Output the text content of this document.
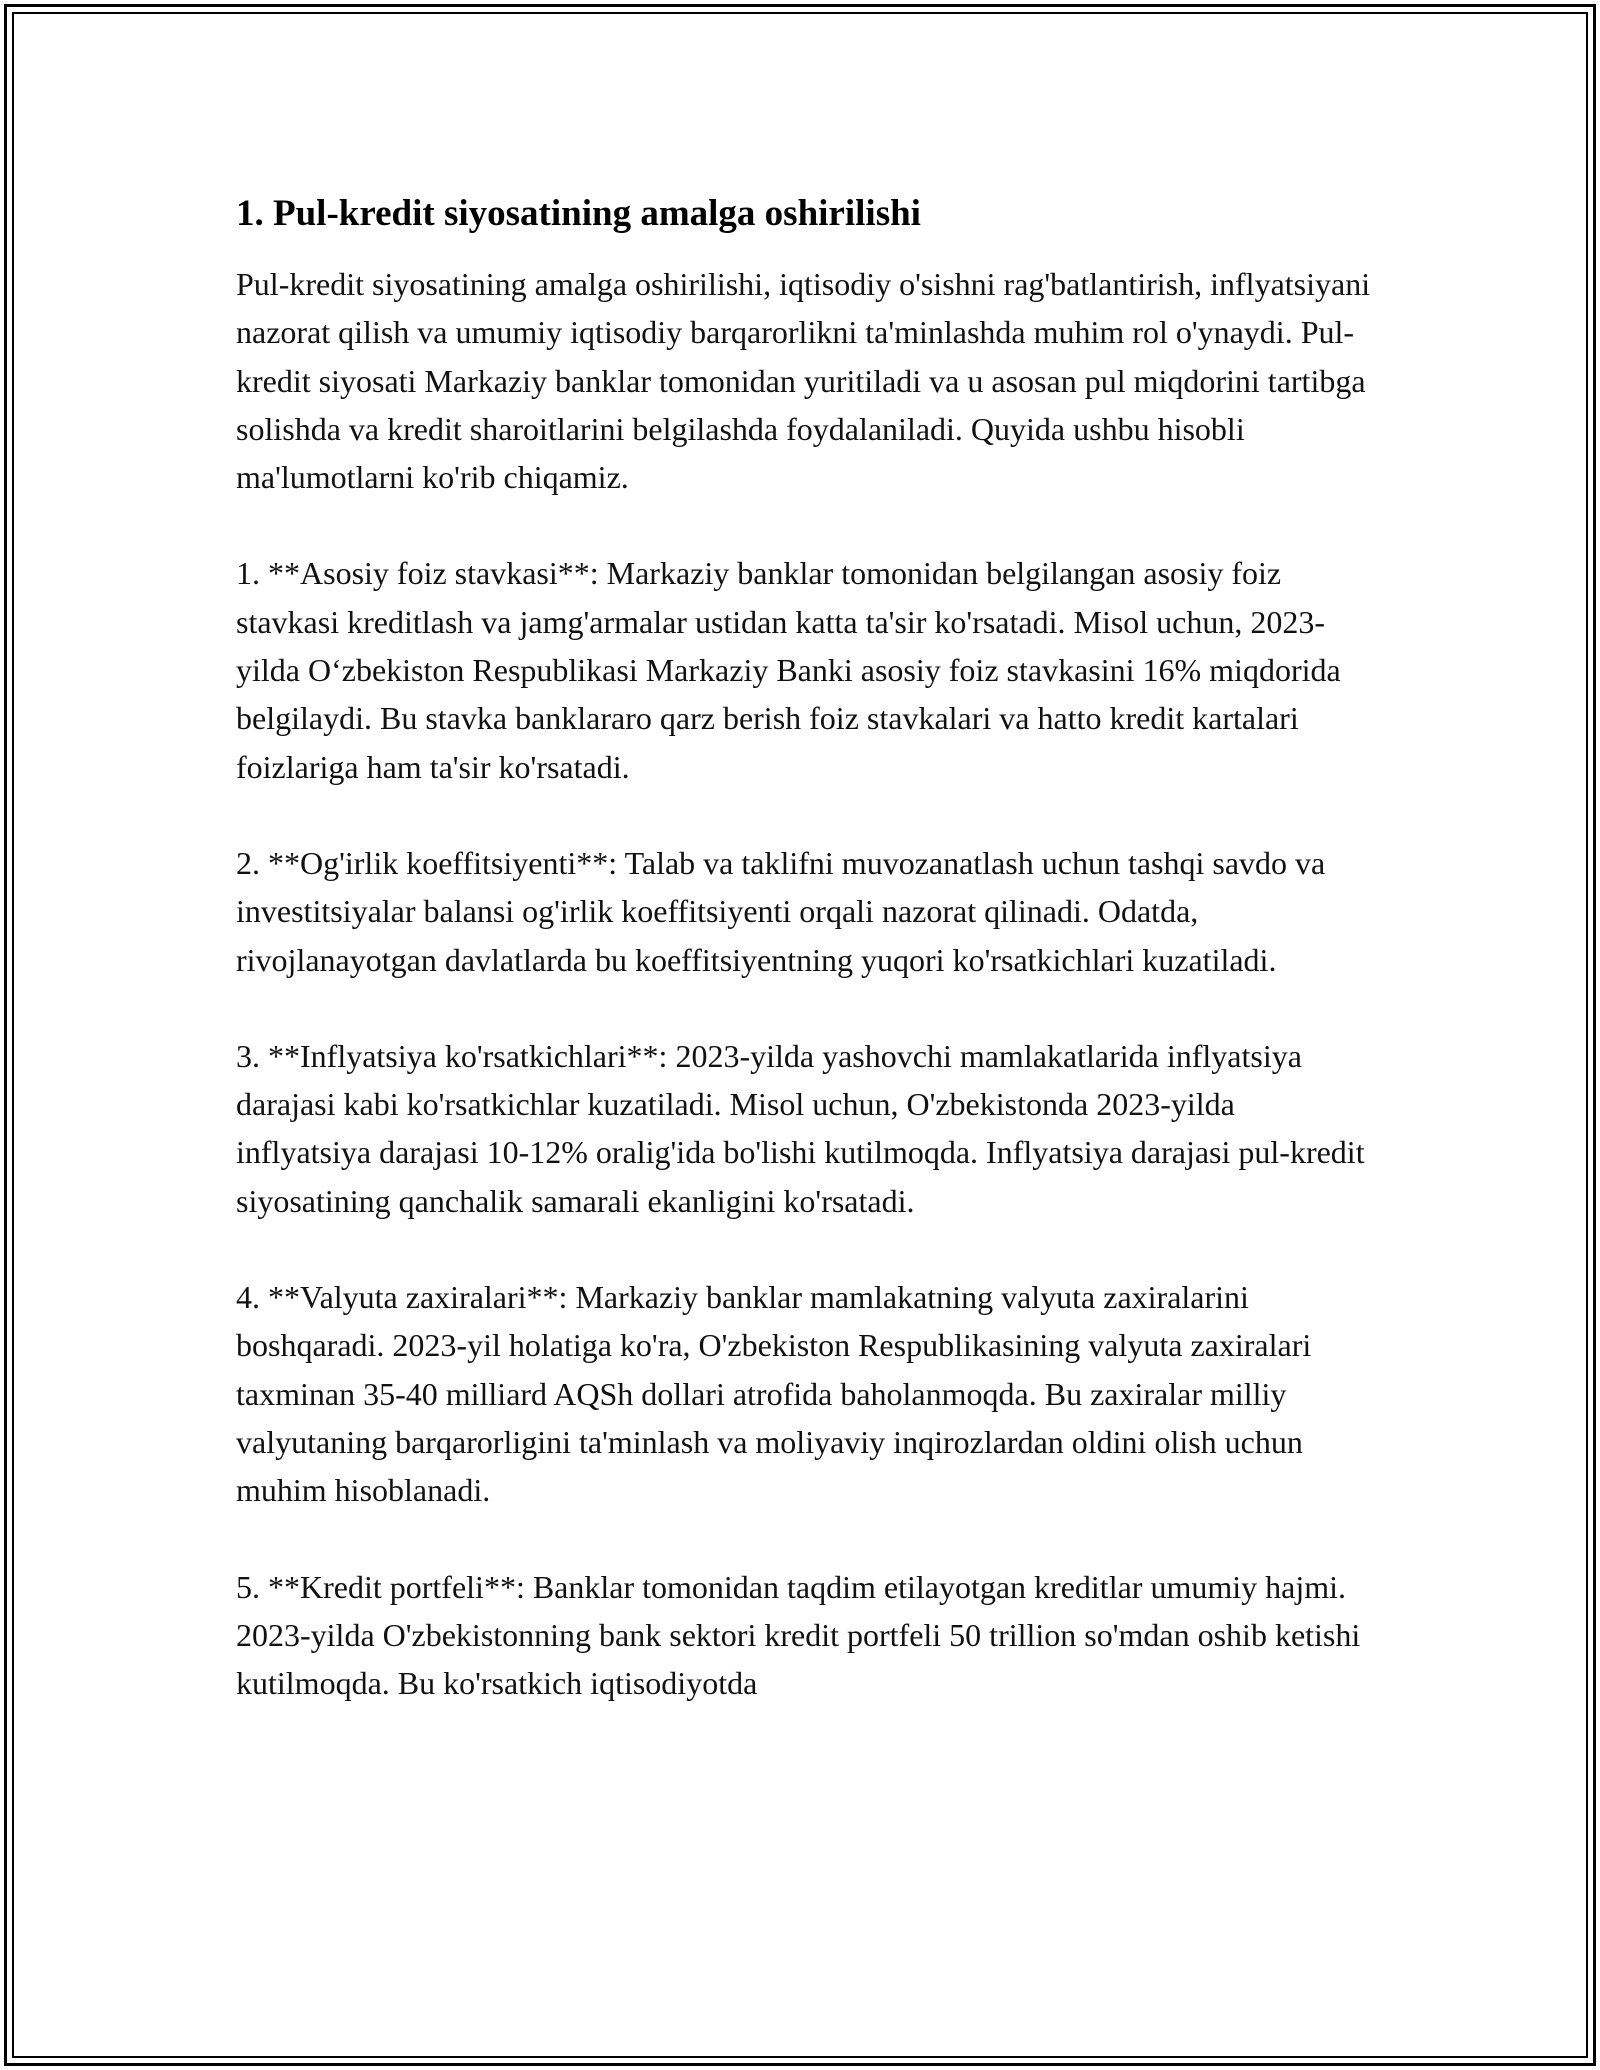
1. Pul-kredit siyosatining amalga oshirilishi

Pul-kredit siyosatining amalga oshirilishi, iqtisodiy o'sishni rag'batlantirish, inflyatsiyani nazorat qilish va umumiy iqtisodiy barqarorlikni ta'minlashda muhim rol o'ynaydi. Pul-kredit siyosati Markaziy banklar tomonidan yuritiladi va u asosan pul miqdorini tartibga solishda va kredit sharoitlarini belgilashda foydalaniladi. Quyida ushbu hisobli ma'lumotlarni ko'rib chiqamiz.

1. **Asosiy foiz stavkasi**: Markaziy banklar tomonidan belgilangan asosiy foiz stavkasi kreditlash va jamg'armalar ustidan katta ta'sir ko'rsatadi. Misol uchun, 2023-yilda O‘zbekiston Respublikasi Markaziy Banki asosiy foiz stavkasini 16% miqdorida belgilaydi. Bu stavka banklararo qarz berish foiz stavkalari va hatto kredit kartalari foizlariga ham ta'sir ko'rsatadi.

2. **Og'irlik koeffitsiyenti**: Talab va taklifni muvozanatlash uchun tashqi savdo va investitsiyalar balansi og'irlik koeffitsiyenti orqali nazorat qilinadi. Odatda, rivojlanayotgan davlatlarda bu koeffitsiyentning yuqori ko'rsatkichlari kuzatiladi.

3. **Inflyatsiya ko'rsatkichlari**: 2023-yilda yashovchi mamlakatlarida inflyatsiya darajasi kabi ko'rsatkichlar kuzatiladi. Misol uchun, O'zbekistonda 2023-yilda inflyatsiya darajasi 10-12% oralig'ida bo'lishi kutilmoqda. Inflyatsiya darajasi pul-kredit siyosatining qanchalik samarali ekanligini ko'rsatadi.

4. **Valyuta zaxiralari**: Markaziy banklar mamlakatning valyuta zaxiralarini boshqaradi. 2023-yil holatiga ko'ra, O'zbekiston Respublikasining valyuta zaxiralari taxminan 35-40 milliard AQSh dollari atrofida baholanmoqda. Bu zaxiralar milliy valyutaning barqarorligini ta'minlash va moliyaviy inqirozlardan oldini olish uchun muhim hisoblanadi.

5. **Kredit portfeli**: Banklar tomonidan taqdim etilayotgan kreditlar umumiy hajmi. 2023-yilda O'zbekistonning bank sektori kredit portfeli 50 trillion so'mdan oshib ketishi kutilmoqda. Bu ko'rsatkich iqtisodiyotda
